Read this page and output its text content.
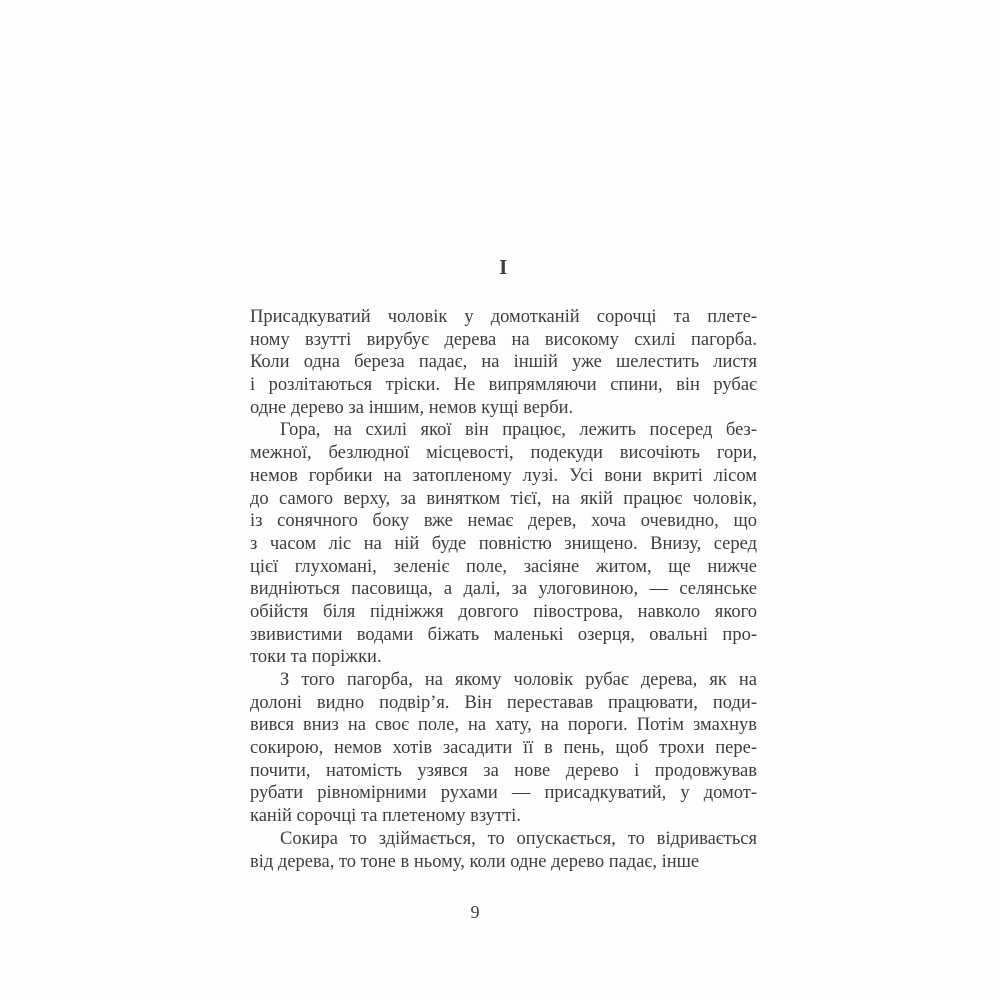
I
Присадкуватий чоловік у домотканій сорочці та плете-
ному взутті вирубує дерева на високому схилі пагорба.
Коли одна береза падає, на іншій уже шелестить листя
і розлітаються тріски. Не випрямляючи спини, він рубає
одне дерево за іншим, немов кущі верби.
Гора, на схилі якої він працює, лежить посеред без-
межної, безлюдної місцевості, подекуди височіють гори,
немов горбики на затопленому лузі. Усі вони вкриті лісом
до самого верху, за винятком тієї, на якій працює чоловік,
із сонячного боку вже немає дерев, хоча очевидно, що
з часом ліс на ній буде повністю знищено. Внизу, серед
цієї глухомані, зеленіє поле, засіяне житом, ще нижче
видніються пасовища, а далі, за улоговиною, — селянське
обійстя біля підніжжя довгого півострова, навколо якого
звивистими водами біжать маленькі озерця, овальні про-
токи та поріжки.
З того пагорба, на якому чоловік рубає дерева, як на
долоні видно подвір’я. Він переставав працювати, поди-
вився вниз на своє поле, на хату, на пороги. Потім змахнув
сокирою, немов хотів засадити її в пень, щоб трохи пере-
почити, натомість узявся за нове дерево і продовжував
рубати рівномірними рухами — присадкуватий, у домот-
каній сорочці та плетеному взутті.
Сокира то здіймається, то опускається, то відривається
від дерева, то тоне в ньому, коли одне дерево падає, інше
9
